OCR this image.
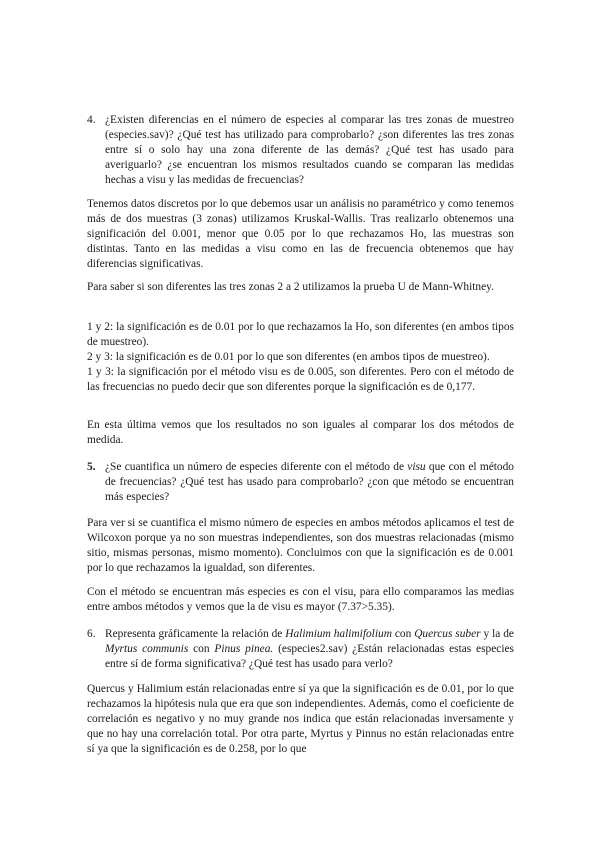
4. ¿Existen diferencias en el número de especies al comparar las tres zonas de muestreo (especies.sav)? ¿Qué test has utilizado para comprobarlo? ¿son diferentes las tres zonas entre sí o solo hay una zona diferente de las demás? ¿Qué test has usado para averiguarlo? ¿se encuentran los mismos resultados cuando se comparan las medidas hechas a visu y las medidas de frecuencias?

Tenemos datos discretos por lo que debemos usar un análisis no paramétrico y como tenemos más de dos muestras (3 zonas) utilizamos Kruskal-Wallis. Tras realizarlo obtenemos una significación del 0.001, menor que 0.05 por lo que rechazamos Ho, las muestras son distintas. Tanto en las medidas a visu como en las de frecuencia obtenemos que hay diferencias significativas.

Para saber si son diferentes las tres zonas 2 a 2 utilizamos la prueba U de Mann-Whitney.

1 y 2: la significación es de 0.01 por lo que rechazamos la Ho, son diferentes (en ambos tipos de muestreo).
2 y 3: la significación es de 0.01 por lo que son diferentes (en ambos tipos de muestreo).
1 y 3: la significación por el método visu es de 0.005, son diferentes. Pero con el método de las frecuencias no puedo decir que son diferentes porque la significación es de 0,177.

En esta última vemos que los resultados no son iguales al comparar los dos métodos de medida.

5. ¿Se cuantifica un número de especies diferente con el método de visu que con el método de frecuencias? ¿Qué test has usado para comprobarlo? ¿con que método se encuentran más especies?

Para ver si se cuantifica el mismo número de especies en ambos métodos aplicamos el test de Wilcoxon porque ya no son muestras independientes, son dos muestras relacionadas (mismo sitio, mismas personas, mismo momento). Concluimos con que la significación es de 0.001 por lo que rechazamos la igualdad, son diferentes.

Con el método se encuentran más especies es con el visu, para ello comparamos las medias entre ambos métodos y vemos que la de visu es mayor (7.37>5.35).

6. Representa gráficamente la relación de Halimium halimifolium con Quercus suber y la de Myrtus communis con Pinus pinea. (especies2.sav) ¿Están relacionadas estas especies entre sí de forma significativa? ¿Qué test has usado para verlo?

Quercus y Halimium están relacionadas entre sí ya que la significación es de 0.01, por lo que rechazamos la hipótesis nula que era que son independientes. Además, como el coeficiente de correlación es negativo y no muy grande nos indica que están relacionadas inversamente y que no hay una correlación total. Por otra parte, Myrtus y Pinnus no están relacionadas entre sí ya que la significación es de 0.258, por lo que
